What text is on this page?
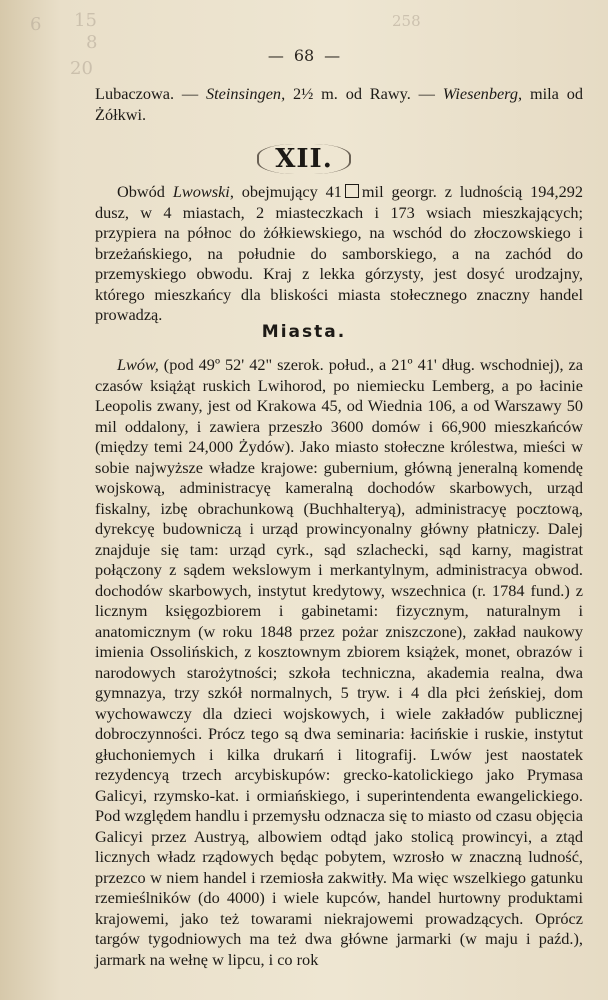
6 15
8
20
258
— 68 —
Lubaczowa. — Steinsingen, 2½ m. od Rawy. — Wiesenberg, mila od Żółkwi.
XII.
Obwód Lwowski, obejmujący 41 mil georgr. z ludnością 194,292 dusz, w 4 miastach, 2 miasteczkach i 173 wsiach mieszkających; przypiera na północ do żółkiewskiego, na wschód do złoczowskiego i brzeżańskiego, na południe do samborskiego, a na zachód do przemyskiego obwodu. Kraj z lekka górzysty, jest dosyć urodzajny, którego mieszkańcy dla bliskości miasta stołecznego znaczny handel prowadzą.
Miasta.
Lwów, (pod 49º 52' 42" szerok. połud., a 21º 41' dług. wschodniej), za czasów książąt ruskich Lwihorod, po niemiecku Lemberg, a po łacinie Leopolis zwany, jest od Krakowa 45, od Wiednia 106, a od Warszawy 50 mil oddalony, i zawiera przeszło 3600 domów i 66,900 mieszkańców (między temi 24,000 Żydów). Jako miasto stołeczne królestwa, mieści w sobie najwyższe władze krajowe: gubernium, główną jeneralną komendę wojskową, administracyę kameralną dochodów skarbowych, urząd fiskalny, izbę obrachunkową (Buchhalteryą), administracyę pocztową, dyrekcyę budowniczą i urząd prowincyonalny główny płatniczy. Dalej znajduje się tam: urząd cyrk., sąd szlachecki, sąd karny, magistrat połączony z sądem wekslowym i merkantylnym, administracya obwod. dochodów skarbowych, instytut kredytowy, wszechnica (r. 1784 fund.) z licznym księgozbiorem i gabinetami: fizycznym, naturalnym i anatomicznym (w roku 1848 przez pożar zniszczone), zakład naukowy imienia Ossolińskich, z kosztownym zbiorem książek, monet, obrazów i narodowych starożytności; szkoła techniczna, akademia realna, dwa gymnazya, trzy szkół normalnych, 5 tryw. i 4 dla płci żeńskiej, dom wychowawczy dla dzieci wojskowych, i wiele zakładów publicznej dobroczynności. Prócz tego są dwa seminaria: łacińskie i ruskie, instytut głuchoniemych i kilka drukarń i litografij. Lwów jest naostatek rezydencyą trzech arcybiskupów: grecko-katolickiego jako Prymasa Galicyi, rzymsko-kat. i ormiańskiego, i superintendenta ewangelickiego. Pod względem handlu i przemysłu odznacza się to miasto od czasu objęcia Galicyi przez Austryą, albowiem odtąd jako stolicą prowincyi, a ztąd licznych władz rządowych będąc pobytem, wzrosło w znaczną ludność, przezco w niem handel i rzemiosła zakwitły. Ma więc wszelkiego gatunku rzemieślników (do 4000) i wiele kupców, handel hurtowny produktami krajowemi, jako też towarami niekrajowemi prowadzących. Oprócz targów tygodniowych ma też dwa główne jarmarki (w maju i paźd.), jarmark na wełnę w lipcu, i co rok
